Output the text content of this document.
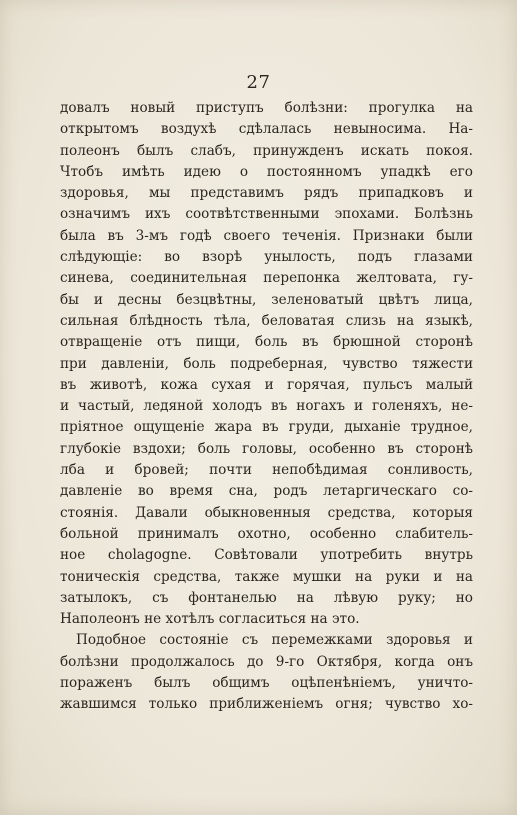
27
довалъ новый приступъ болѣзни: прогулка на
открытомъ воздухѣ сдѣлалась невыносима. На-
полеонъ былъ слабъ, принужденъ искать покоя.
Чтобъ имѣть идею о постоянномъ упадкѣ его
здоровья, мы представимъ рядъ припадковъ и
означимъ ихъ соотвѣтственными эпохами. Болѣзнь
была въ 3-мъ годѣ своего теченія. Признаки были
слѣдующіе: во взорѣ унылость, подъ глазами
синева, соединительная перепонка желтовата, гу-
бы и десны безцвѣтны, зеленоватый цвѣтъ лица,
сильная блѣдность тѣла, беловатая слизь на языкѣ,
отвращеніе отъ пищи, боль въ брюшной сторонѣ
при давленіи, боль подреберная, чувство тяжести
въ животѣ, кожа сухая и горячая, пульсъ малый
и частый, ледяной холодъ въ ногахъ и голеняхъ, не-
пріятное ощущеніе жара въ груди, дыханіе трудное,
глубокіе вздохи; боль головы, особенно въ сторонѣ
лба и бровей; почти непобѣдимая сонливость,
давленіе во время сна, родъ летаргическаго со-
стоянія. Давали обыкновенныя средства, которыя
больной принималъ охотно, особенно слабитель-
ное cholagogne. Совѣтовали употребить внутрь
тоническія средства, также мушки на руки и на
затылокъ, съ фонтанелью на лѣвую руку; но
Наполеонъ не хотѣлъ согласиться на это.
Подобное состояніе съ перемежками здоровья и
болѣзни продолжалось до 9-го Октября, когда онъ
пораженъ былъ общимъ оцѣпенѣніемъ, уничто-
жавшимся только приближеніемъ огня; чувство хо-
